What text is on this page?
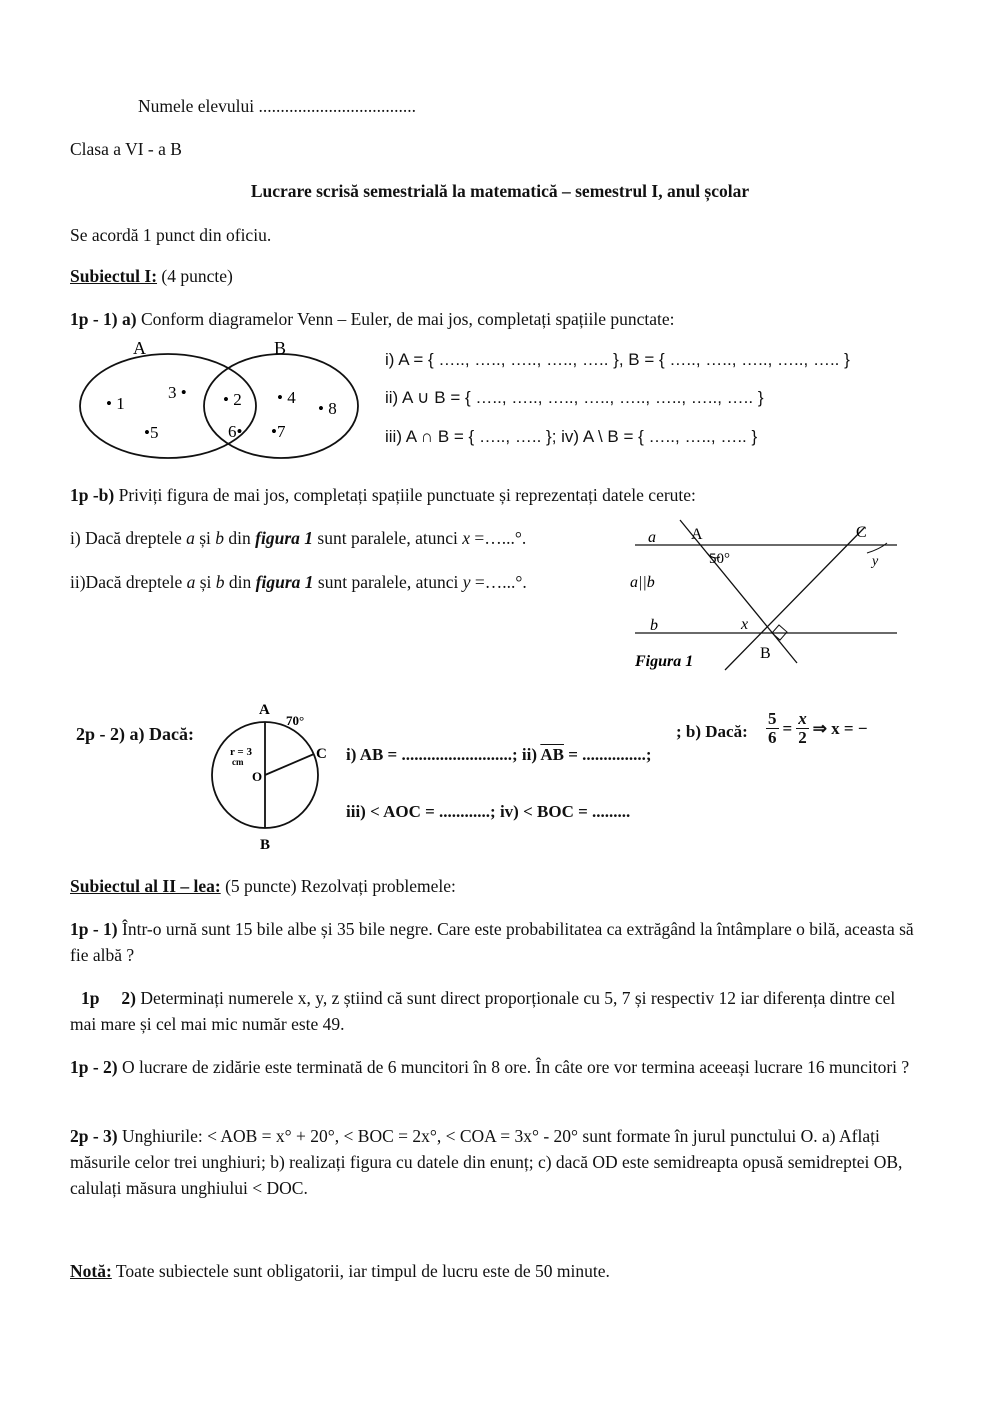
Numele elevului ....................................
Clasa a VI - a B
Lucrare scrisă semestrială la matematică – semestrul I, anul școlar
Se acordă 1 punct din oficiu.
Subiectul I: (4 puncte)
1p - 1) a) Conform diagramelor Venn – Euler, de mai jos, completați spațiile punctate:
A	B
• 1
3 •
•5
• 2
6•
• 4
• 8
•7
i) A = { ….., ….., ….., ….., ….. }, B = { ….., ….., ….., ….., ….. }
ii) A ∪ B = { ….., ….., ….., ….., ….., ….., ….., ….. }
iii) A ∩ B = { ….., ….. }; iv) A \ B = { ….., ….., ….. }
1p -b) Priviți figura de mai jos, completați spațiile punctuate și reprezentați datele cerute:
i) Dacă dreptele a și b din figura 1 sunt paralele, atunci x =…...°.
ii)Dacă dreptele a și b din figura 1 sunt paralele, atunci y =…...°.
a
b
a||b
A	C
B
50°
x
y
Figura 1
2p - 2) a) Dacă:
A
B
C
O
70°
r = 3
cm	i) AB = ..........................; ii) $\overline{AB}$ = ...............;
iii) < AOC = ............; iv) < BOC = .........
; b) Dacă: $\frac{5}{6} = \frac{x}{2}$ ⇒ x = −
Subiectul al II – lea: (5 puncte) Rezolvați problemele:
1p - 1) Într-o urnă sunt 15 bile albe și 35 bile negre. Care este probabilitatea ca extrăgând la întâmplare o bilă, aceasta să fie albă ?
1p     2) Determinați numerele x, y, z știind că sunt direct proporționale cu 5, 7 și respectiv 12 iar diferența dintre cel mai mare și cel mai mic număr este 49.
1p - 2) O lucrare de zidărie este terminată de 6 muncitori în 8 ore. În câte ore vor termina aceeași lucrare 16 muncitori ?
2p - 3) Unghiurile: < AOB = x° + 20°, < BOC = 2x°, < COA = 3x° - 20° sunt formate în jurul punctului O. a) Aflați măsurile celor trei unghiuri; b) realizați figura cu datele din enunț; c) dacă OD este semidreapta opusă semidreptei OB, calulați măsura unghiului < DOC.
Notă: Toate subiectele sunt obligatorii, iar timpul de lucru este de 50 minute.
